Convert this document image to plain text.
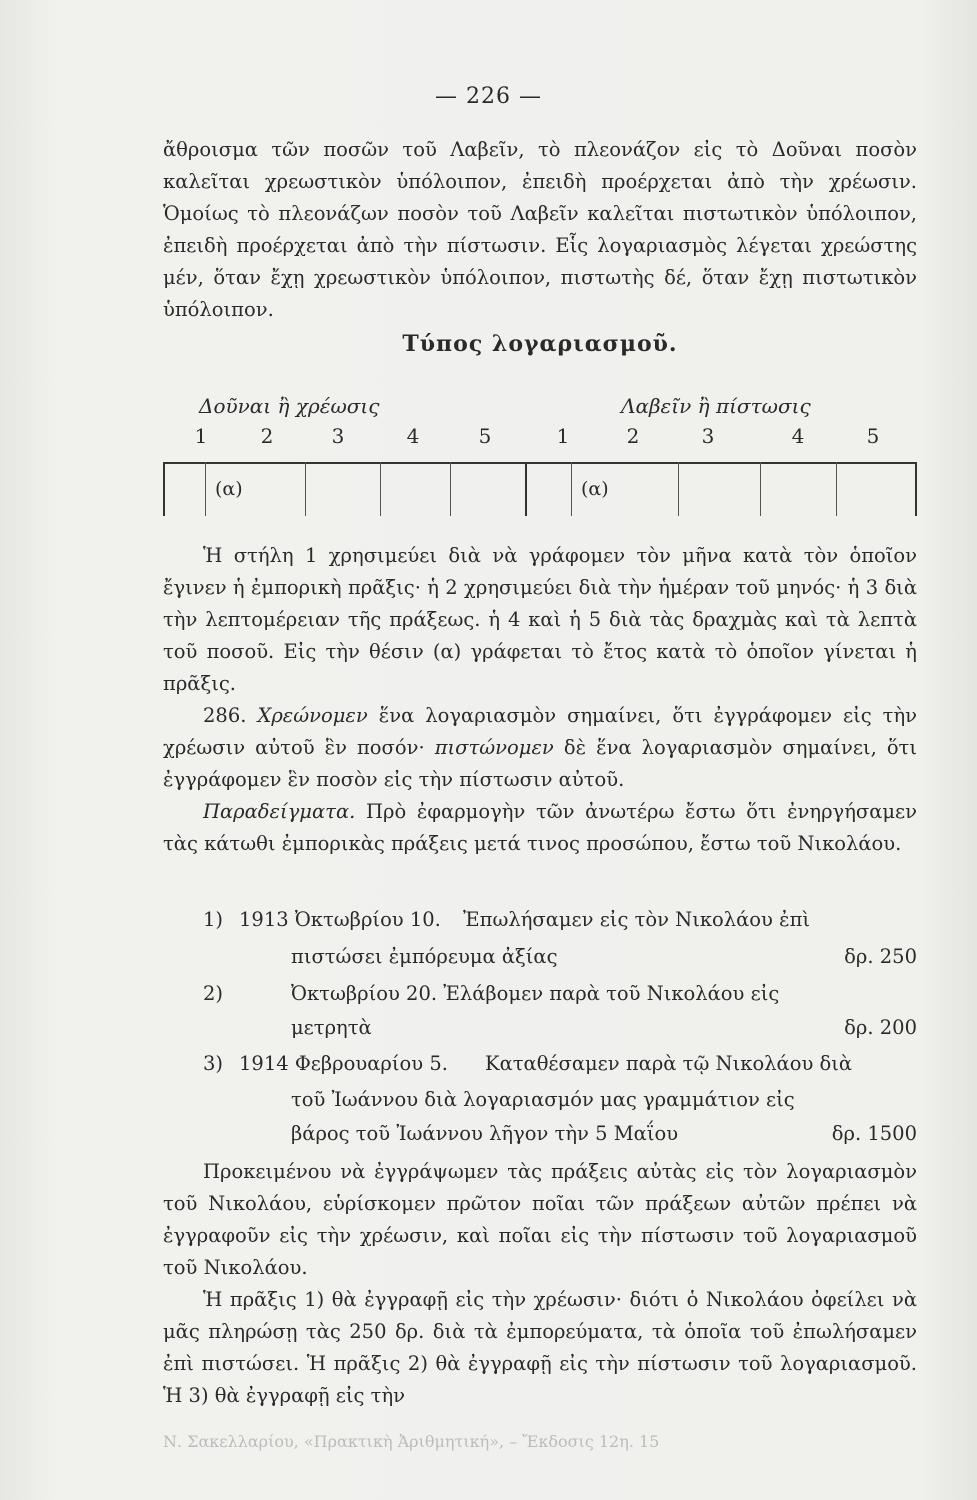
— 226 —

ἄθροισμα τῶν ποσῶν τοῦ Λαβεῖν, τὸ πλεονάζον εἰς τὸ Δοῦναι ποσὸν καλεῖται χρεωστικὸν ὑπόλοιπον, ἐπειδὴ προέρχεται ἀπὸ τὴν χρέωσιν. Ὁμοίως τὸ πλεονάζων ποσὸν τοῦ Λαβεῖν καλεῖται πιστωτικὸν ὑπόλοιπον, ἐπειδὴ προέρχεται ἀπὸ τὴν πίστωσιν. Εἷς λογαριασμὸς λέγεται χρεώστης μέν, ὅταν ἔχῃ χρεωστικὸν ὑπόλοιπον, πιστωτὴς δέ, ὅταν ἔχῃ πιστωτικὸν ὑπόλοιπον.

Τύπος λογαριασμοῦ.

Δοῦναι ἢ χρέωσις	Λαβεῖν ἢ πίστωσις
1	2	3	4	5	1	2	3	4	5
(α)	(α)

Ἡ στήλη 1 χρησιμεύει διὰ νὰ γράφομεν τὸν μῆνα κατὰ τὸν ὁποῖον ἔγινεν ἡ ἐμπορικὴ πρᾶξις· ἡ 2 χρησιμεύει διὰ τὴν ἡμέραν τοῦ μηνός· ἡ 3 διὰ τὴν λεπτομέρειαν τῆς πράξεως. ἡ 4 καὶ ἡ 5 διὰ τὰς δραχμὰς καὶ τὰ λεπτὰ τοῦ ποσοῦ. Εἰς τὴν θέσιν (α) γράφεται τὸ ἔτος κατὰ τὸ ὁποῖον γίνεται ἡ πρᾶξις.

286. Χρεώνομεν ἕνα λογαριασμὸν σημαίνει, ὅτι ἐγγράφομεν εἰς τὴν χρέωσιν αὐτοῦ ἓν ποσόν· πιστώνομεν δὲ ἕνα λογαριασμὸν σημαίνει, ὅτι ἐγγράφομεν ἓν ποσὸν εἰς τὴν πίστωσιν αὐτοῦ.

Παραδείγματα. Πρὸ ἐφαρμογὴν τῶν ἀνωτέρω ἔστω ὅτι ἐνηργήσαμεν τὰς κάτωθι ἐμπορικὰς πράξεις μετά τινος προσώπου, ἔστω τοῦ Νικολάου.

1) 1913 Ὀκτωβρίου 10. Ἐπωλήσαμεν εἰς τὸν Νικολάου ἐπὶ
πιστώσει ἐμπόρευμα ἀξίας	δρ. 250
2)	Ὀκτωβρίου 20. Ἐλάβομεν παρὰ τοῦ Νικολάου εἰς
μετρητὰ	δρ. 200
3) 1914 Φεβρουαρίου 5. Καταθέσαμεν παρὰ τῷ Νικολάου διὰ
τοῦ Ἰωάννου διὰ λογαριασμόν μας γραμμάτιον εἰς
βάρος τοῦ Ἰωάννου λῆγον τὴν 5 Μαΐου	δρ. 1500

Προκειμένου νὰ ἐγγράψωμεν τὰς πράξεις αὐτὰς εἰς τὸν λογαριασμὸν τοῦ Νικολάου, εὑρίσκομεν πρῶτον ποῖαι τῶν πράξεων αὐτῶν πρέπει νὰ ἐγγραφοῦν εἰς τὴν χρέωσιν, καὶ ποῖαι εἰς τὴν πίστωσιν τοῦ λογαριασμοῦ τοῦ Νικολάου.

Ἡ πρᾶξις 1) θὰ ἐγγραφῇ εἰς τὴν χρέωσιν· διότι ὁ Νικολάου ὀφείλει νὰ μᾶς πληρώσῃ τὰς 250 δρ. διὰ τὰ ἐμπορεύματα, τὰ ὁποῖα τοῦ ἐπωλήσαμεν ἐπὶ πιστώσει. Ἡ πρᾶξις 2) θὰ ἐγγραφῇ εἰς τὴν πίστωσιν τοῦ λογαριασμοῦ. Ἡ 3) θὰ ἐγγραφῇ εἰς τὴν

Ν. Σακελλαρίου, «Πρακτικὴ Ἀριθμητική», – Ἔκδοσις 12η. 15
